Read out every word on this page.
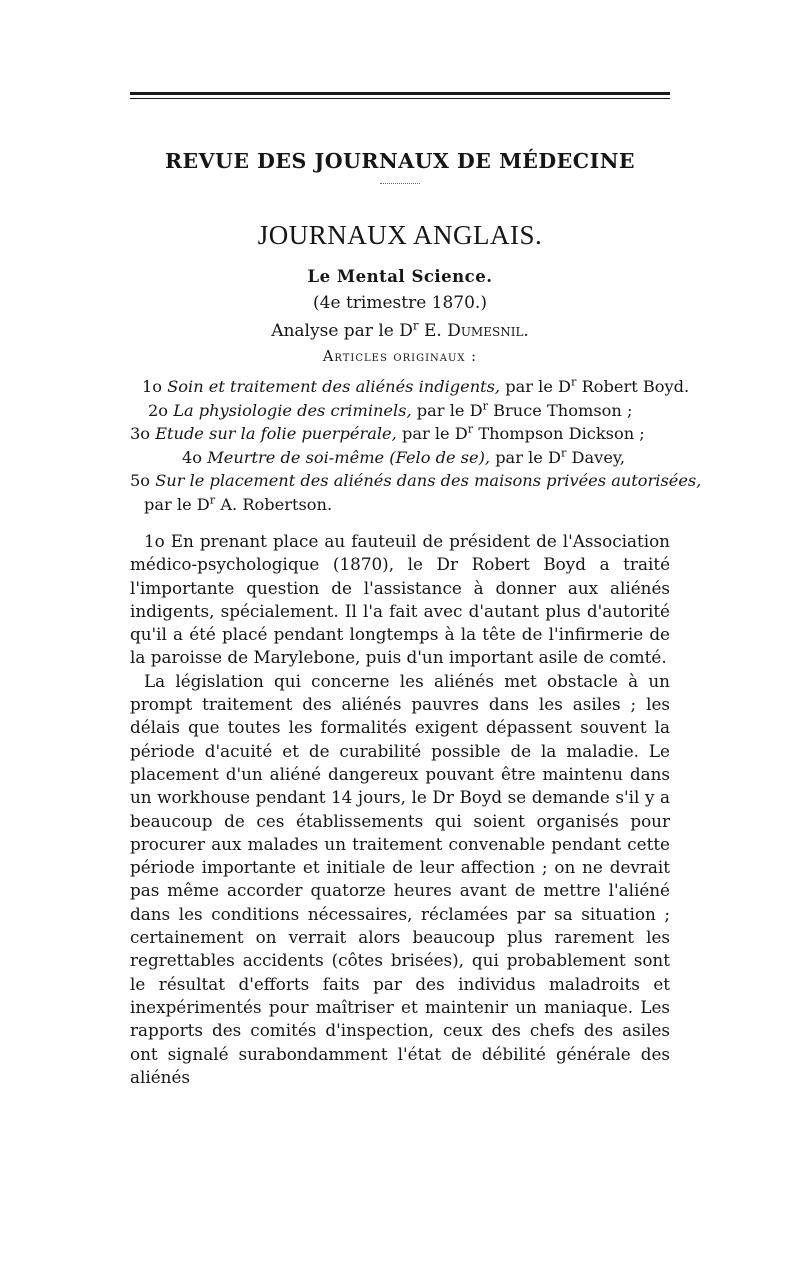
REVUE DES JOURNAUX DE MÉDECINE
JOURNAUX ANGLAIS.
Le Mental Science.
(4e trimestre 1870.)
Analyse par le $D^r$ E. Dumesnil.
Articles originaux :
1o Soin et traitement des aliénés indigents, par le $D^r$ Robert Boyd.
2o La physiologie des criminels, par le $D^r$ Bruce Thomson ;
3o Etude sur la folie puerpérale, par le $D^r$ Thompson Dickson ;
4o Meurtre de soi-même (Felo de se), par le $D^r$ Davey,
5o Sur le placement des aliénés dans des maisons privées autorisées,
par le $D^r$ A. Robertson.

1o En prenant place au fauteuil de président de l'Association médico-psychologique (1870), le Dr Robert Boyd a traité l'importante question de l'assistance à donner aux aliénés indigents, spécialement. Il l'a fait avec d'autant plus d'autorité qu'il a été placé pendant longtemps à la tête de l'infirmerie de la paroisse de Marylebone, puis d'un important asile de comté.

La législation qui concerne les aliénés met obstacle à un prompt traitement des aliénés pauvres dans les asiles ; les délais que toutes les formalités exigent dépassent souvent la période d'acuité et de curabilité possible de la maladie. Le placement d'un aliéné dangereux pouvant être maintenu dans un workhouse pendant 14 jours, le Dr Boyd se demande s'il y a beaucoup de ces établissements qui soient organisés pour procurer aux malades un traitement convenable pendant cette période importante et initiale de leur affection ; on ne devrait pas même accorder quatorze heures avant de mettre l'aliéné dans les conditions nécessaires, réclamées par sa situation ; certainement on verrait alors beaucoup plus rarement les regrettables accidents (côtes brisées), qui probablement sont le résultat d'efforts faits par des individus maladroits et inexpérimentés pour maîtriser et maintenir un maniaque. Les rapports des comités d'inspection, ceux des chefs des asiles ont signalé surabondamment l'état de débilité générale des aliénés
